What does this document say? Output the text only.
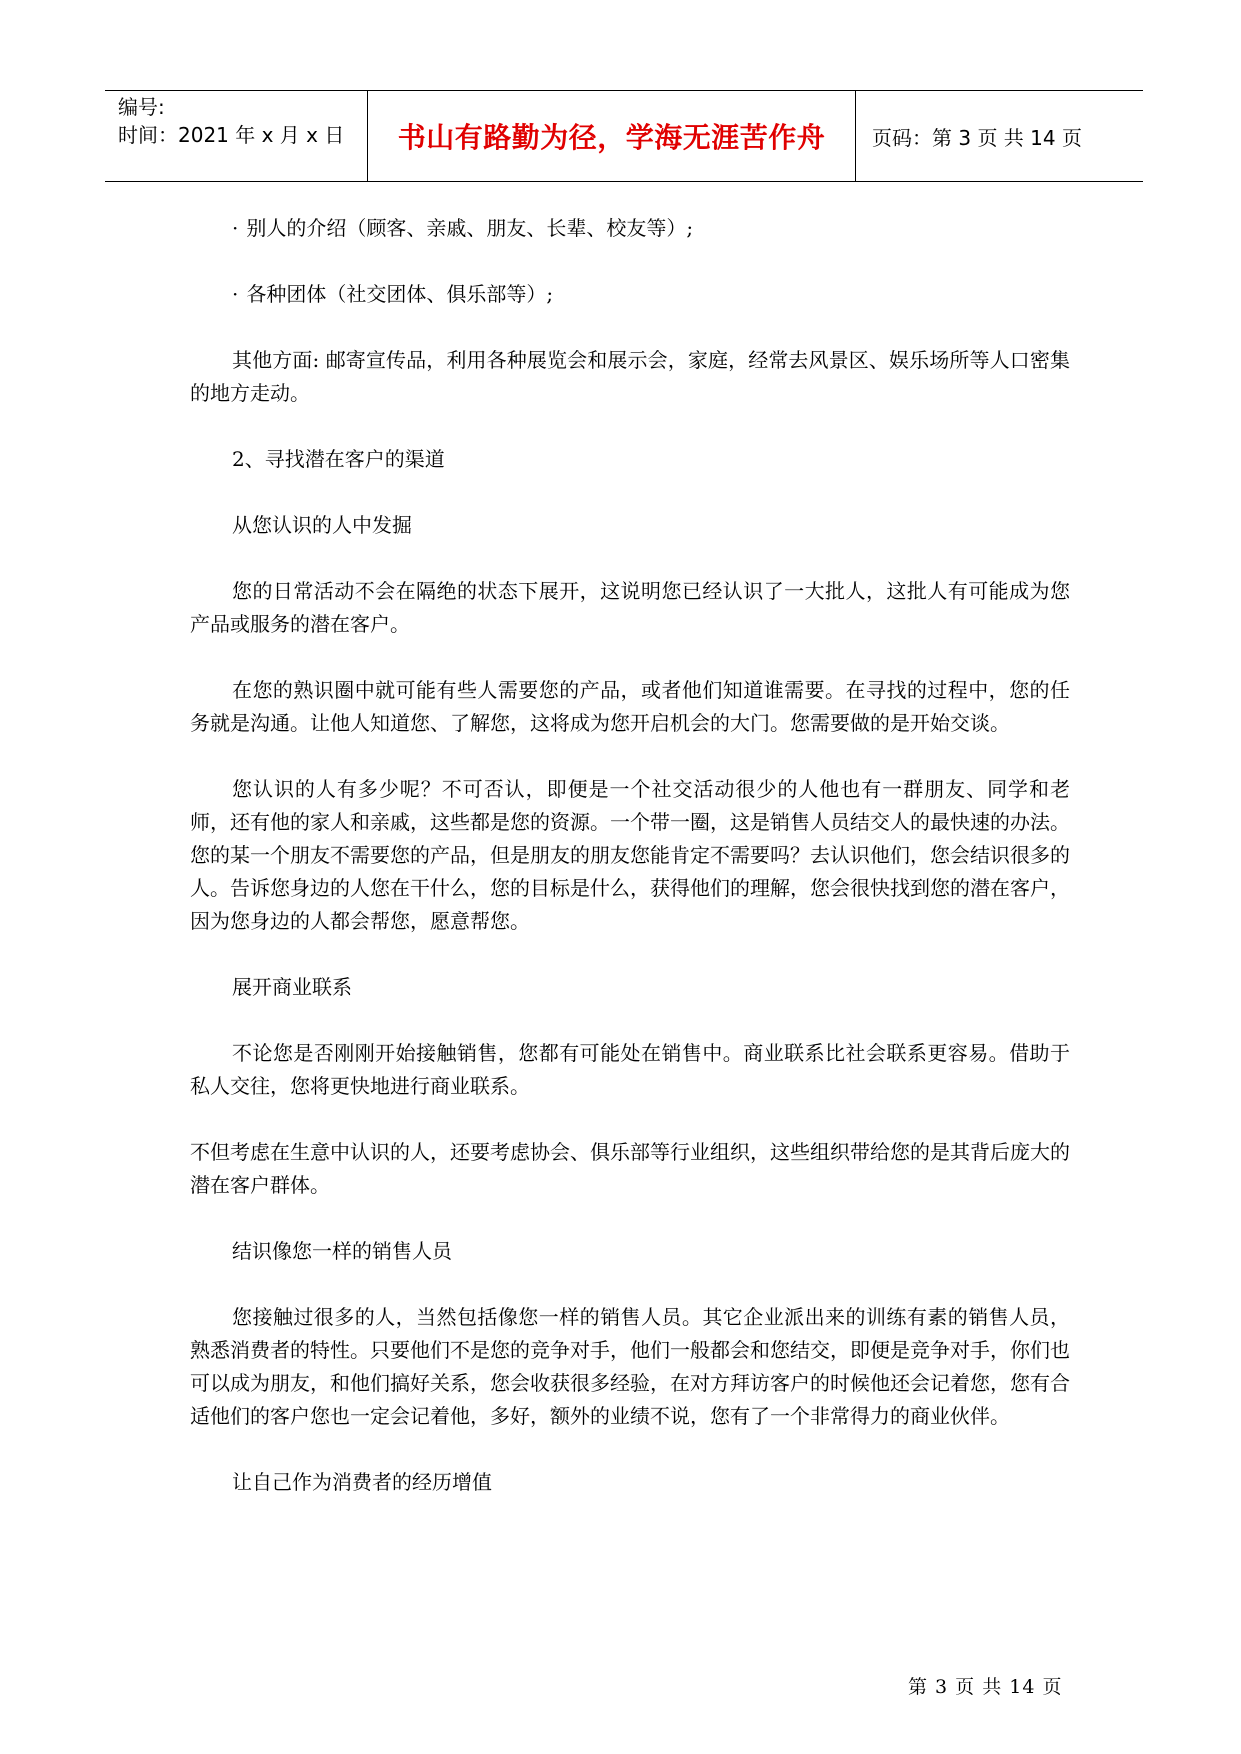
编号:
时间：2021 年 x 月 x 日	书山有路勤为径，学海无涯苦作舟	页码：第 3 页 共 14 页

· 别人的介绍（顾客、亲戚、朋友、长辈、校友等）;

· 各种团体（社交团体、俱乐部等）;

其他方面: 邮寄宣传品，利用各种展览会和展示会，家庭，经常去风景区、娱乐场所等人口密集的地方走动。

2、寻找潜在客户的渠道

从您认识的人中发掘

您的日常活动不会在隔绝的状态下展开，这说明您已经认识了一大批人，这批人有可能成为您产品或服务的潜在客户。

在您的熟识圈中就可能有些人需要您的产品，或者他们知道谁需要。在寻找的过程中，您的任务就是沟通。让他人知道您、了解您，这将成为您开启机会的大门。您需要做的是开始交谈。

您认识的人有多少呢？不可否认，即便是一个社交活动很少的人他也有一群朋友、同学和老师，还有他的家人和亲戚，这些都是您的资源。一个带一圈，这是销售人员结交人的最快速的办法。您的某一个朋友不需要您的产品，但是朋友的朋友您能肯定不需要吗？去认识他们，您会结识很多的人。告诉您身边的人您在干什么，您的目标是什么，获得他们的理解，您会很快找到您的潜在客户，因为您身边的人都会帮您，愿意帮您。

展开商业联系

不论您是否刚刚开始接触销售，您都有可能处在销售中。商业联系比社会联系更容易。借助于私人交往，您将更快地进行商业联系。

不但考虑在生意中认识的人，还要考虑协会、俱乐部等行业组织，这些组织带给您的是其背后庞大的潜在客户群体。

结识像您一样的销售人员

您接触过很多的人，当然包括像您一样的销售人员。其它企业派出来的训练有素的销售人员，熟悉消费者的特性。只要他们不是您的竞争对手，他们一般都会和您结交，即便是竞争对手，你们也可以成为朋友，和他们搞好关系，您会收获很多经验，在对方拜访客户的时候他还会记着您，您有合适他们的客户您也一定会记着他，多好，额外的业绩不说，您有了一个非常得力的商业伙伴。

让自己作为消费者的经历增值

第 3 页 共 14 页
